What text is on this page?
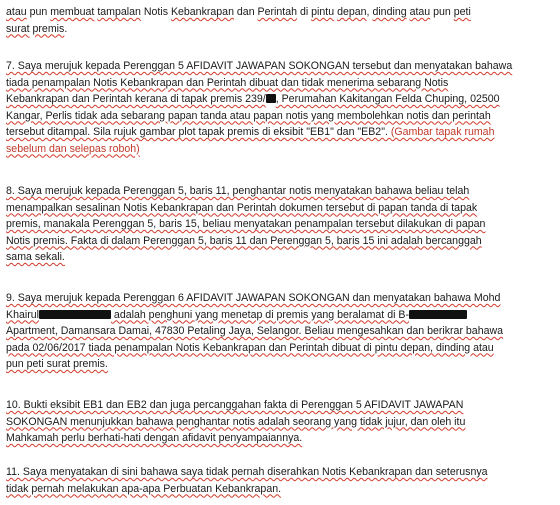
atau pun membuat tampalan Notis Kebankrapan dan Perintah di pintu depan, dinding atau pun peti

surat premis.

7. Saya merujuk kepada Perenggan 5 AFIDAVIT JAWAPAN SOKONGAN tersebut dan menyatakan bahawa

tiada penampalan Notis Kebankrapan dan Perintah dibuat dan tidak menerima sebarang Notis

Kebankrapan dan Perintah kerana di tapak premis 239/ , Perumahan Kakitangan Felda Chuping, 02500

Kangar, Perlis tidak ada sebarang papan tanda atau papan notis yang membolehkan notis dan perintah

tersebut ditampal. Sila rujuk gambar plot tapak premis di eksibit "EB1" dan "EB2". (Gambar tapak rumah

sebelum dan selepas roboh)

8. Saya merujuk kepada Perenggan 5, baris 11, penghantar notis menyatakan bahawa beliau telah

menampalkan sesalinan Notis Kebankrapan dan Perintah dokumen tersebut di papan tanda di tapak

premis, manakala Perenggan 5, baris 15, beliau menyatakan penampalan tersebut dilakukan di papan

Notis premis. Fakta di dalam Perenggan 5, baris 11 dan Perenggan 5, baris 15 ini adalah bercanggah

sama sekali.

9. Saya merujuk kepada Perenggan 6 AFIDAVIT JAWAPAN SOKONGAN dan menyatakan bahawa Mohd

Khairul	adalah penghuni yang menetap di premis yang beralamat di B-

Apartment, Damansara Damai, 47830 Petaling Jaya, Selangor. Beliau mengesahkan dan berikrar bahawa

pada 02/06/2017 tiada penampalan Notis Kebankrapan dan Perintah dibuat di pintu depan, dinding atau

pun peti surat premis.

10. Bukti eksibit EB1 dan EB2 dan juga percanggahan fakta di Perenggan 5 AFIDAVIT JAWAPAN

SOKONGAN menunjukkan bahawa penghantar notis adalah seorang yang tidak jujur, dan oleh itu

Mahkamah perlu berhati-hati dengan afidavit penyampaiannya.

11. Saya menyatakan di sini bahawa saya tidak pernah diserahkan Notis Kebankrapan dan seterusnya

tidak pernah melakukan apa-apa Perbuatan Kebankrapan.
